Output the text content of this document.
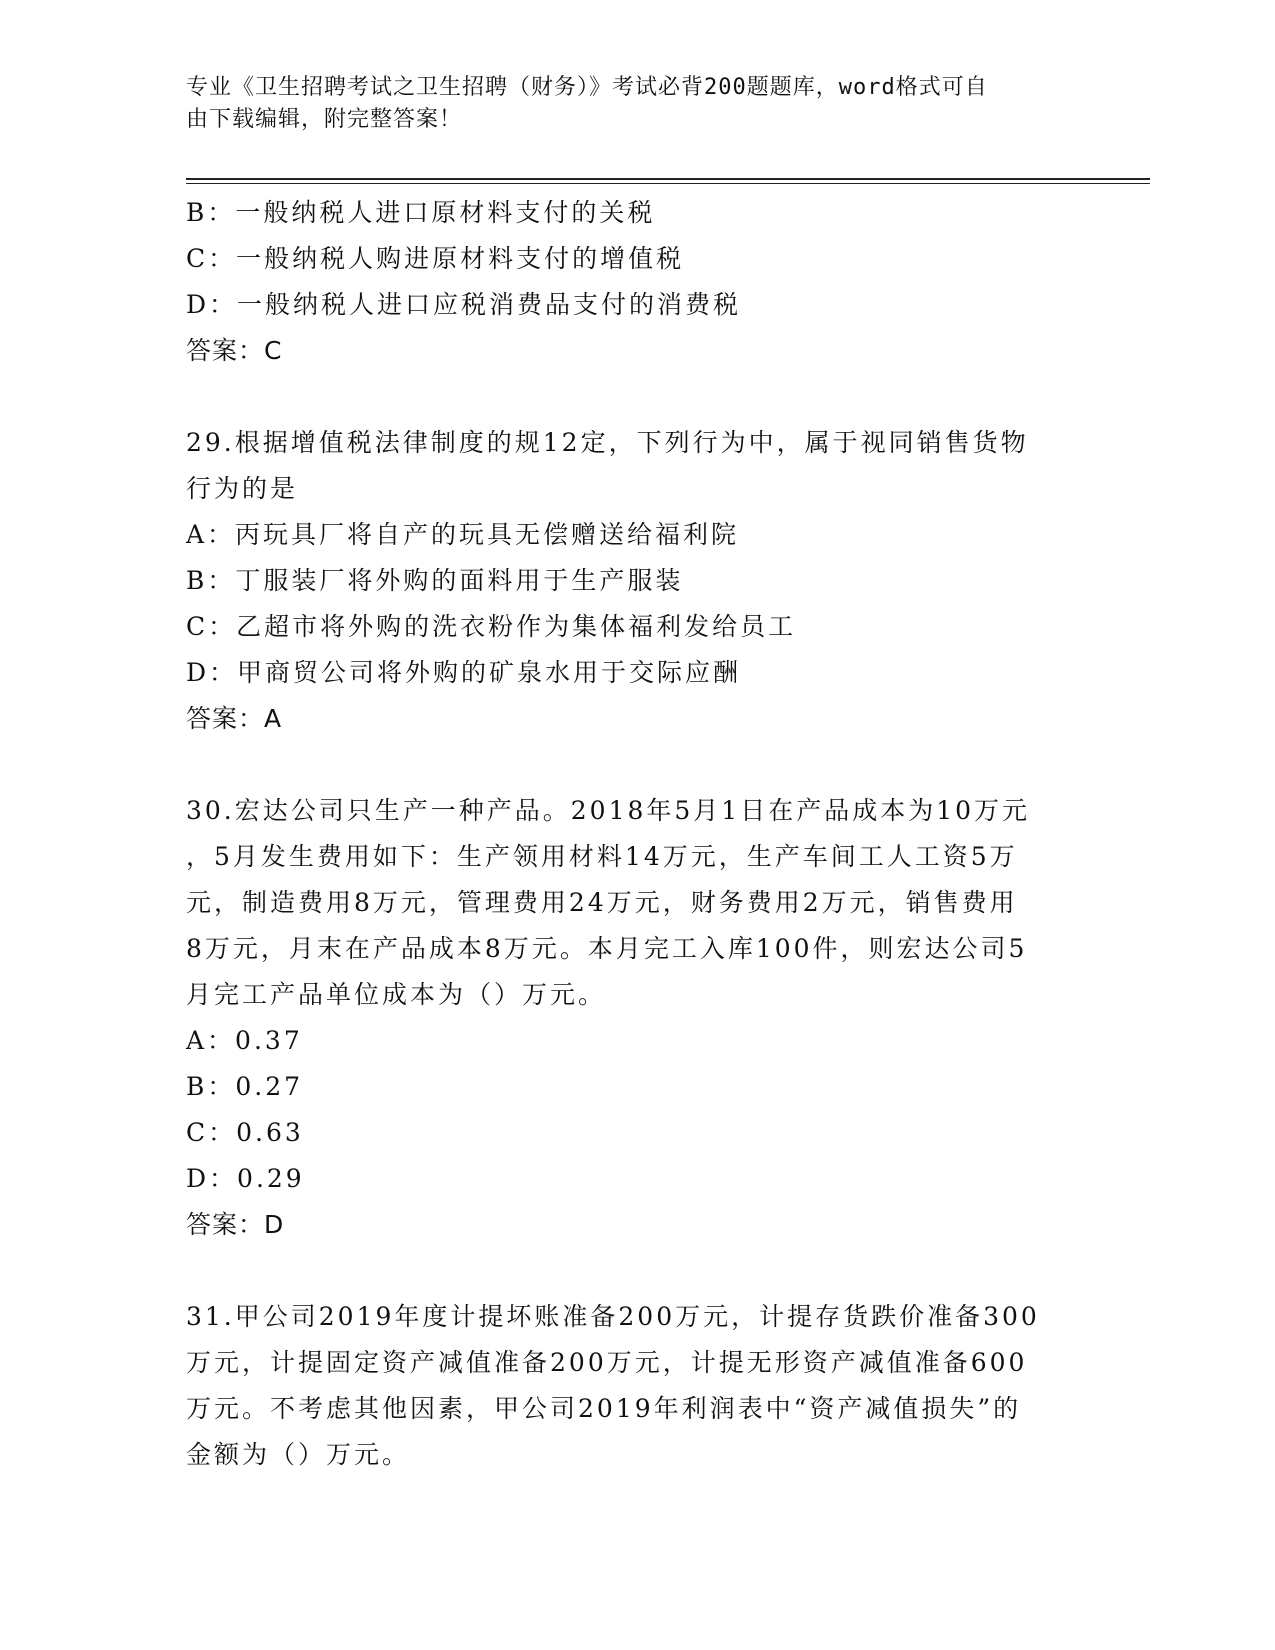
专业《卫生招聘考试之卫生招聘（财务）》考试必背200题题库，word格式可自
由下载编辑，附完整答案！
B：一般纳税人进口原材料支付的关税
C：一般纳税人购进原材料支付的增值税
D：一般纳税人进口应税消费品支付的消费税
答案：C
29.根据增值税法律制度的规12定，下列行为中，属于视同销售货物
行为的是
A：丙玩具厂将自产的玩具无偿赠送给福利院
B：丁服装厂将外购的面料用于生产服装
C：乙超市将外购的洗衣粉作为集体福利发给员工
D：甲商贸公司将外购的矿泉水用于交际应酬
答案：A
30.宏达公司只生产一种产品。2018年5月1日在产品成本为10万元
，5月发生费用如下：生产领用材料14万元，生产车间工人工资5万
元，制造费用8万元，管理费用24万元，财务费用2万元，销售费用
8万元，月末在产品成本8万元。本月完工入库100件，则宏达公司5
月完工产品单位成本为（）万元。
A：0.37
B：0.27
C：0.63
D：0.29
答案：D
31.甲公司2019年度计提坏账准备200万元，计提存货跌价准备300
万元，计提固定资产减值准备200万元，计提无形资产减值准备600
万元。不考虑其他因素，甲公司2019年利润表中“资产减值损失”的
金额为（）万元。
